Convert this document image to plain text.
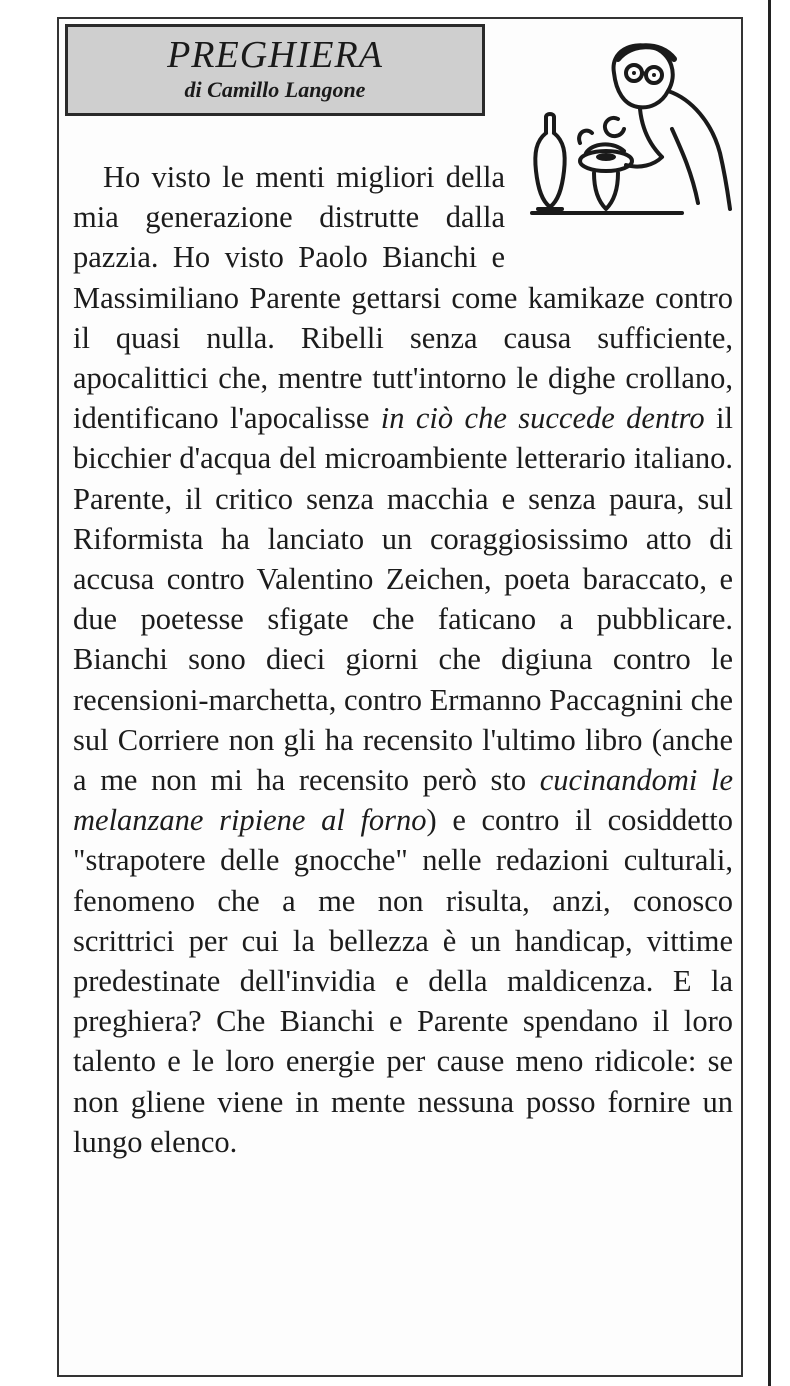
PREGHIERA
di Camillo Langone

Ho visto le menti migliori della mia generazione distrutte dalla pazzia. Ho visto Paolo Bianchi e Massimiliano Parente gettarsi come kamikaze contro il quasi nulla. Ribelli senza causa sufficiente, apocalittici che, mentre tutt'intorno le dighe crollano, identificano l'apocalisse in ciò che succede dentro il bicchier d'acqua del microambiente letterario italiano. Parente, il critico senza macchia e senza paura, sul Riformista ha lanciato un coraggiosissimo atto di accusa contro Valentino Zeichen, poeta baraccato, e due poetesse sfigate che faticano a pubblicare. Bianchi sono dieci giorni che digiuna contro le recensioni-marchetta, contro Ermanno Paccagnini che sul Corriere non gli ha recensito l'ultimo libro (anche a me non mi ha recensito però sto cucinandomi le melanzane ripiene al forno) e contro il cosiddetto "strapotere delle gnocche" nelle redazioni culturali, fenomeno che a me non risulta, anzi, conosco scrittrici per cui la bellezza è un handicap, vittime predestinate dell'invidia e della maldicenza. E la preghiera? Che Bianchi e Parente spendano il loro talento e le loro energie per cause meno ridicole: se non gliene viene in mente nessuna posso fornire un lungo elenco.
